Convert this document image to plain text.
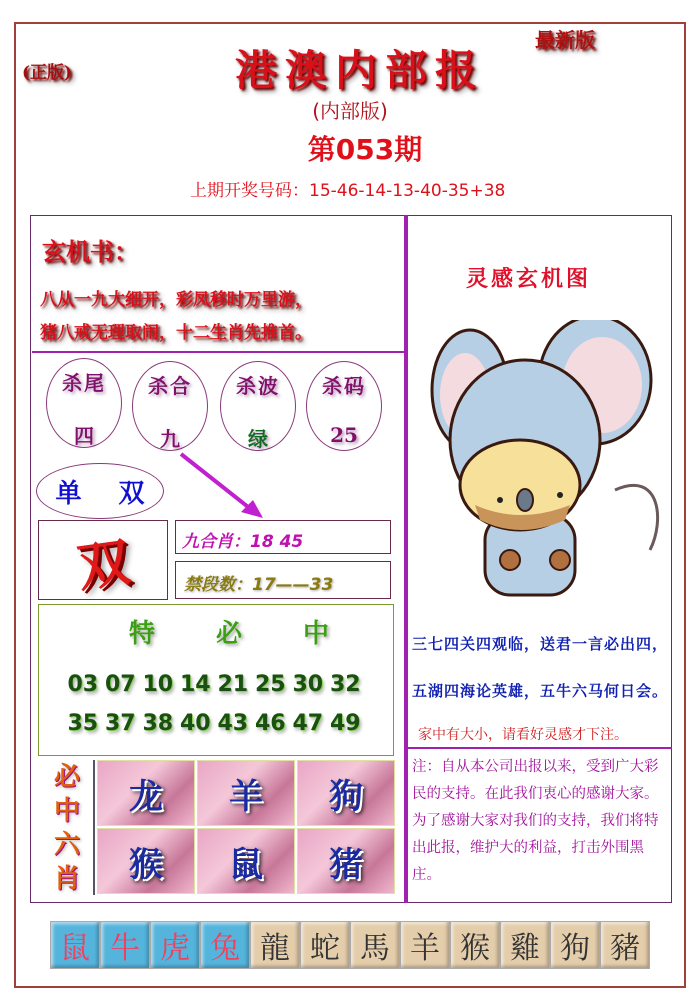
(正版)	港澳内部报
最新版
(内部版)
第053期
上期开奖号码：15-46-14-13-40-35+38
玄机书：
八从一九大细开，彩凤移时万里游，
猪八戒无理取闹，十二生肖先推首。
杀尾
四
杀合
九
杀波
绿
杀码
25
单 双
双	九合肖：18 45
禁段数：17——33
特 必 中
03 07 10 14 21 25 30 32
35 37 38 40 43 46 47 49
必
中
六
肖
龙 羊 狗
猴 鼠 猪
灵感玄机图
三七四关四观临，送君一言必出四，
五湖四海论英雄，五牛六马何日会。
家中有大小，请看好灵感才下注。
注：自从本公司出报以来，受到广大彩民的支持。在此我们衷心的感谢大家。为了感谢大家对我们的支持，我们将特出此报，维护大的利益，打击外围黑庄。
鼠 牛 虎 兔 龍 蛇 馬 羊 猴 雞 狗 豬
